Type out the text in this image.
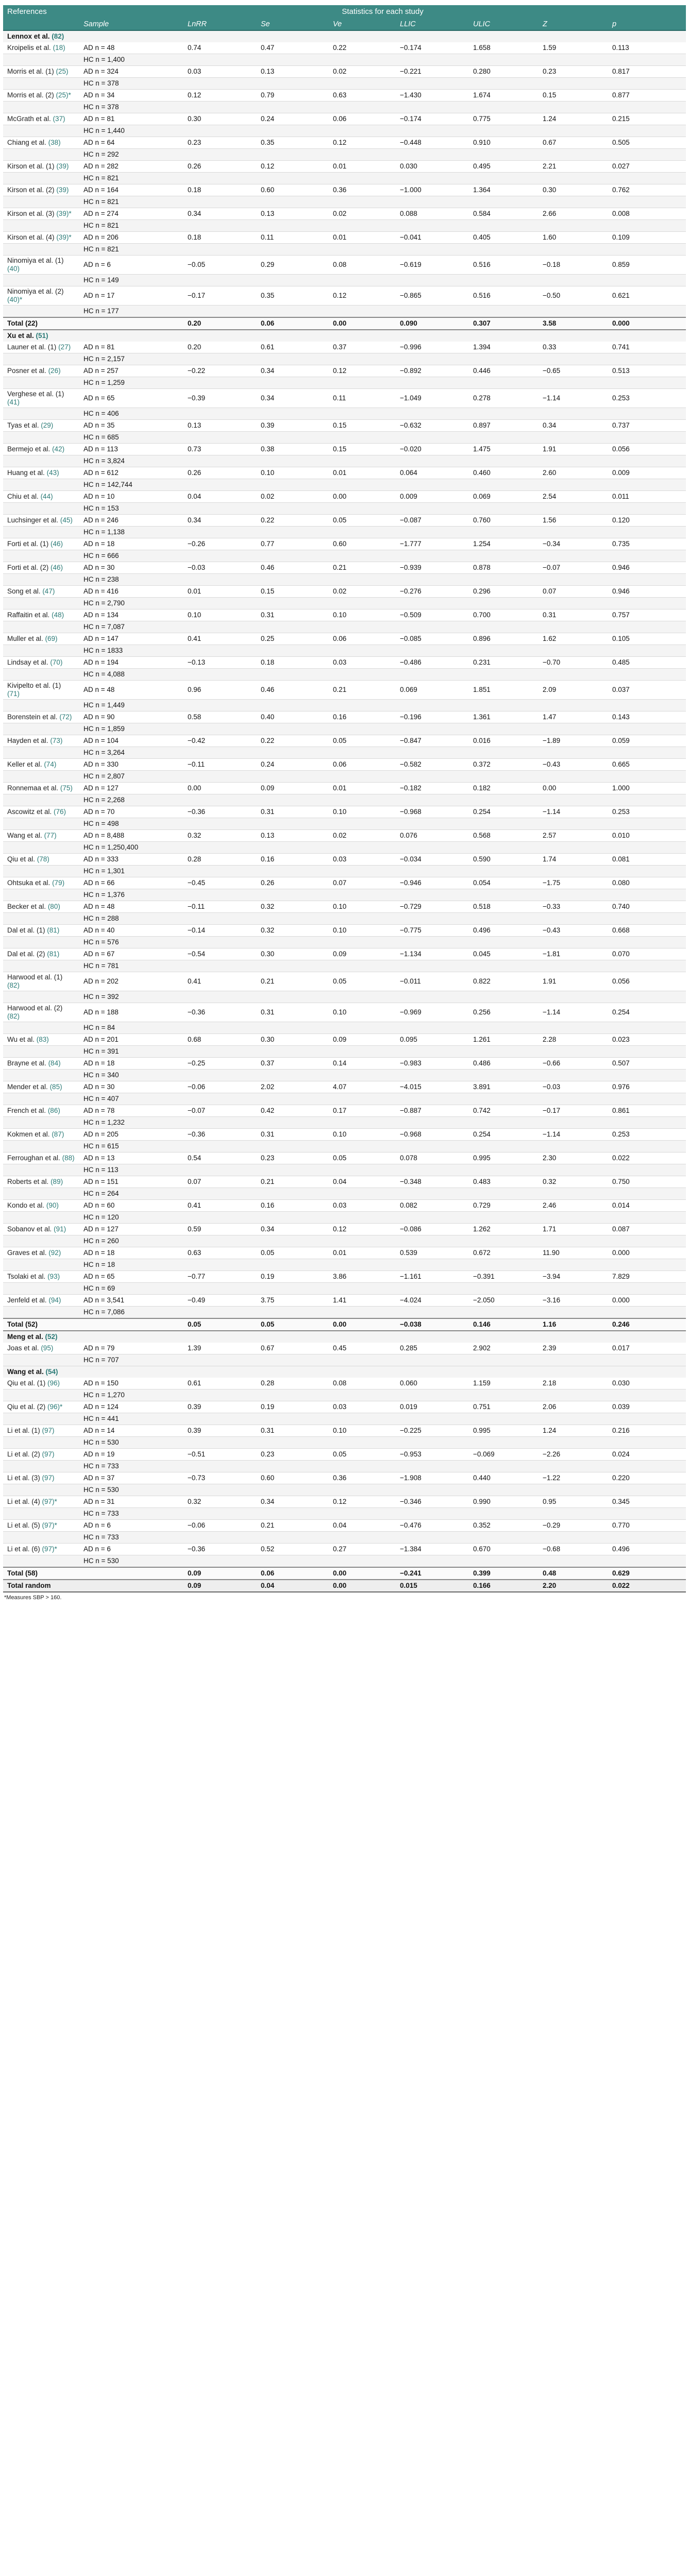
References	Statistics for each study							
	Sample	LnRR	Se	Ve	LLIC	ULIC	Z	p
Lennox et al. (82)								
Kroipelis et al. (18)	AD n = 48	0.74	0.47	0.22	−0.174	1.658	1.59	0.113
	HC n = 1,400							
Morris et al. (1) (25)	AD n = 324	0.03	0.13	0.02	−0.221	0.280	0.23	0.817
	HC n = 378							
Morris et al. (2) (25)*	AD n = 34	0.12	0.79	0.63	−1.430	1.674	0.15	0.877
	HC n = 378							
McGrath et al. (37)	AD n = 81	0.30	0.24	0.06	−0.174	0.775	1.24	0.215
	HC n = 1,440							
Chiang et al. (38)	AD n = 64	0.23	0.35	0.12	−0.448	0.910	0.67	0.505
	HC n = 292							
Kirson et al. (1) (39)	AD n = 282	0.26	0.12	0.01	0.030	0.495	2.21	0.027
	HC n = 821							
Kirson et al. (2) (39)	AD n = 164	0.18	0.60	0.36	−1.000	1.364	0.30	0.762
	HC n = 821							
Kirson et al. (3) (39)*	AD n = 274	0.34	0.13	0.02	0.088	0.584	2.66	0.008
	HC n = 821							
Kirson et al. (4) (39)*	AD n = 206	0.18	0.11	0.01	−0.041	0.405	1.60	0.109
	HC n = 821							
Ninomiya et al. (1) (40)	AD n = 6	−0.05	0.29	0.08	−0.619	0.516	−0.18	0.859
	HC n = 149							
Ninomiya et al. (2) (40)*	AD n = 17	−0.17	0.35	0.12	−0.865	0.516	−0.50	0.621
	HC n = 177							
Total (22)		0.20	0.06	0.00	0.090	0.307	3.58	0.000
Xu et al. (51)								
Launer et al. (1) (27)	AD n = 81	0.20	0.61	0.37	−0.996	1.394	0.33	0.741
	HC n = 2,157							
Posner et al. (26)	AD n = 257	−0.22	0.34	0.12	−0.892	0.446	−0.65	0.513
	HC n = 1,259							
Verghese et al. (1) (41)	AD n = 65	−0.39	0.34	0.11	−1.049	0.278	−1.14	0.253
	HC n = 406							
Tyas et al. (29)	AD n = 35	0.13	0.39	0.15	−0.632	0.897	0.34	0.737
	HC n = 685							
Bermejo et al. (42)	AD n = 113	0.73	0.38	0.15	−0.020	1.475	1.91	0.056
	HC n = 3,824							
Huang et al. (43)	AD n = 612	0.26	0.10	0.01	0.064	0.460	2.60	0.009
	HC n = 142,744							
Chiu et al. (44)	AD n = 10	0.04	0.02	0.00	0.009	0.069	2.54	0.011
	HC n = 153							
Luchsinger et al. (45)	AD n = 246	0.34	0.22	0.05	−0.087	0.760	1.56	0.120
	HC n = 1,138							
Forti et al. (1) (46)	AD n = 18	−0.26	0.77	0.60	−1.777	1.254	−0.34	0.735
	HC n = 666							
Forti et al. (2) (46)	AD n = 30	−0.03	0.46	0.21	−0.939	0.878	−0.07	0.946
	HC n = 238							
Song et al. (47)	AD n = 416	0.01	0.15	0.02	−0.276	0.296	0.07	0.946
	HC n = 2,790							
Raffaitin et al. (48)	AD n = 134	0.10	0.31	0.10	−0.509	0.700	0.31	0.757
	HC n = 7,087							
Muller et al. (69)	AD n = 147	0.41	0.25	0.06	−0.085	0.896	1.62	0.105
	HC n = 1833							
Lindsay et al. (70)	AD n = 194	−0.13	0.18	0.03	−0.486	0.231	−0.70	0.485
	HC n = 4,088							
Kivipelto et al. (1) (71)	AD n = 48	0.96	0.46	0.21	0.069	1.851	2.09	0.037
	HC n = 1,449							
Borenstein et al. (72)	AD n = 90	0.58	0.40	0.16	−0.196	1.361	1.47	0.143
	HC n = 1,859							
Hayden et al. (73)	AD n = 104	−0.42	0.22	0.05	−0.847	0.016	−1.89	0.059
	HC n = 3,264							
Keller et al. (74)	AD n = 330	−0.11	0.24	0.06	−0.582	0.372	−0.43	0.665
	HC n = 2,807							
Ronnemaa et al. (75)	AD n = 127	0.00	0.09	0.01	−0.182	0.182	0.00	1.000
	HC n = 2,268							
Ascowitz et al. (76)	AD n = 70	−0.36	0.31	0.10	−0.968	0.254	−1.14	0.253
	HC n = 498							
Wang et al. (77)	AD n = 8,488	0.32	0.13	0.02	0.076	0.568	2.57	0.010
	HC n = 1,250,400							
Qiu et al. (78)	AD n = 333	0.28	0.16	0.03	−0.034	0.590	1.74	0.081
	HC n = 1,301							
Ohtsuka et al. (79)	AD n = 66	−0.45	0.26	0.07	−0.946	0.054	−1.75	0.080
	HC n = 1,376							
Becker et al. (80)	AD n = 48	−0.11	0.32	0.10	−0.729	0.518	−0.33	0.740
	HC n = 288							
Dal et al. (1) (81)	AD n = 40	−0.14	0.32	0.10	−0.775	0.496	−0.43	0.668
	HC n = 576							
Dal et al. (2) (81)	AD n = 67	−0.54	0.30	0.09	−1.134	0.045	−1.81	0.070
	HC n = 781							
Harwood et al. (1) (82)	AD n = 202	0.41	0.21	0.05	−0.011	0.822	1.91	0.056
	HC n = 392							
Harwood et al. (2) (82)	AD n = 188	−0.36	0.31	0.10	−0.969	0.256	−1.14	0.254
	HC n = 84							
Wu et al. (83)	AD n = 201	0.68	0.30	0.09	0.095	1.261	2.28	0.023
	HC n = 391							
Brayne et al. (84)	AD n = 18	−0.25	0.37	0.14	−0.983	0.486	−0.66	0.507
	HC n = 340							
Mender et al. (85)	AD n = 30	−0.06	2.02	4.07	−4.015	3.891	−0.03	0.976
	HC n = 407							
French et al. (86)	AD n = 78	−0.07	0.42	0.17	−0.887	0.742	−0.17	0.861
	HC n = 1,232							
Kokmen et al. (87)	AD n = 205	−0.36	0.31	0.10	−0.968	0.254	−1.14	0.253
	HC n = 615							
Ferroughan et al. (88)	AD n = 13	0.54	0.23	0.05	0.078	0.995	2.30	0.022
	HC n = 113							
Roberts et al. (89)	AD n = 151	0.07	0.21	0.04	−0.348	0.483	0.32	0.750
	HC n = 264							
Kondo et al. (90)	AD n = 60	0.41	0.16	0.03	0.082	0.729	2.46	0.014
	HC n = 120							
Sobanov et al. (91)	AD n = 127	0.59	0.34	0.12	−0.086	1.262	1.71	0.087
	HC n = 260							
Graves et al. (92)	AD n = 18	0.63	0.05	0.01	0.539	0.672	11.90	0.000
	HC n = 18							
Tsolaki et al. (93)	AD n = 65	−0.77	0.19	3.86	−1.161	−0.391	−3.94	7.829
	HC n = 69							
Jenfeld et al. (94)	AD n = 3,541	−0.49	3.75	1.41	−4.024	−2.050	−3.16	0.000
	HC n = 7,086							
Total (52)		0.05	0.05	0.00	−0.038	0.146	1.16	0.246
Meng et al. (52)								
Joas et al. (95)	AD n = 79	1.39	0.67	0.45	0.285	2.902	2.39	0.017
	HC n = 707							
Wang et al. (54)								
Qiu et al. (1) (96)	AD n = 150	0.61	0.28	0.08	0.060	1.159	2.18	0.030
	HC n = 1,270							
Qiu et al. (2) (96)*	AD n = 124	0.39	0.19	0.03	0.019	0.751	2.06	0.039
	HC n = 441							
Li et al. (1) (97)	AD n = 14	0.39	0.31	0.10	−0.225	0.995	1.24	0.216
	HC n = 530							
Li et al. (2) (97)	AD n = 19	−0.51	0.23	0.05	−0.953	−0.069	−2.26	0.024
	HC n = 733							
Li et al. (3) (97)	AD n = 37	−0.73	0.60	0.36	−1.908	0.440	−1.22	0.220
	HC n = 530							
Li et al. (4) (97)*	AD n = 31	0.32	0.34	0.12	−0.346	0.990	0.95	0.345
	HC n = 733							
Li et al. (5) (97)*	AD n = 6	−0.06	0.21	0.04	−0.476	0.352	−0.29	0.770
	HC n = 733							
Li et al. (6) (97)*	AD n = 6	−0.36	0.52	0.27	−1.384	0.670	−0.68	0.496
	HC n = 530							
Total (58)		0.09	0.06	0.00	−0.241	0.399	0.48	0.629
Total random		0.09	0.04	0.00	0.015	0.166	2.20	0.022
*Measures SBP > 160.
